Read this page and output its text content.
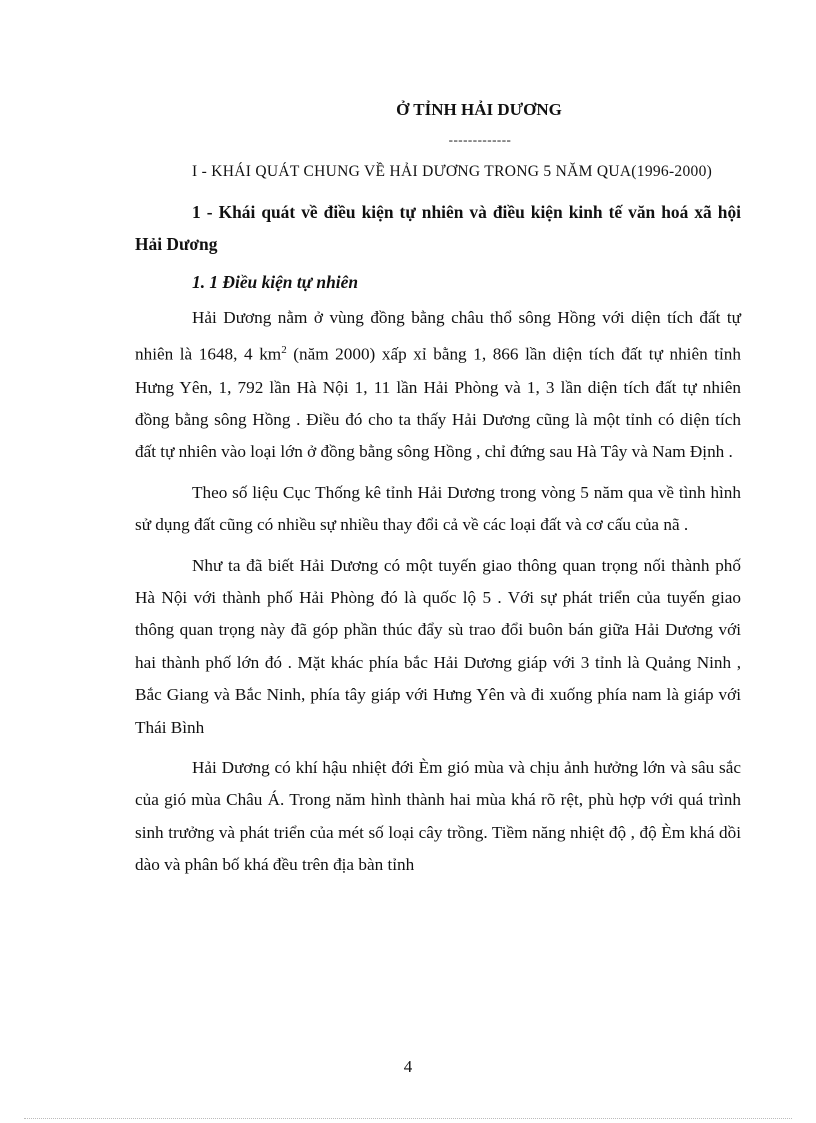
Ở TỈNH HẢI DƯƠNG
-------------
I - KHÁI QUÁT CHUNG VỀ HẢI DƯƠNG TRONG 5 NĂM QUA(1996-2000)
1 - Khái quát về điều kiện tự nhiên và điều kiện kinh tế văn hoá xã hội Hải Dương
1. 1 Điều kiện tự nhiên

Hải Dương nằm ở vùng đồng bằng châu thổ sông Hồng với diện tích đất tự nhiên là 1648, 4 $km^2$ (năm 2000) xấp xỉ bằng 1, 866 lần diện tích đất tự nhiên tỉnh Hưng Yên, 1, 792 lần Hà Nội 1, 11 lần Hải Phòng và 1, 3 lần diện tích đất tự nhiên đồng bằng sông Hồng . Điều đó cho ta thấy Hải Dương cũng là một tỉnh có diện tích đất tự nhiên vào loại lớn ở đồng bằng sông Hồng , chỉ đứng sau Hà Tây và Nam Định .

Theo số liệu Cục Thống kê tỉnh Hải Dương trong vòng 5 năm qua về tình hình sử dụng đất cũng có nhiều sự nhiều thay đổi cả về các loại đất và cơ cấu của nã .

Như ta đã biết Hải Dương có một tuyến giao thông quan trọng nối thành phố Hà Nội với thành phố Hải Phòng đó là quốc lộ 5 . Với sự phát triển của tuyến giao thông quan trọng này đã góp phần thúc đẩy sù trao đổi buôn bán giữa Hải Dương với hai thành phố lớn đó . Mặt khác phía bắc Hải Dương giáp với 3 tỉnh là Quảng Ninh , Bắc Giang và Bắc Ninh, phía tây giáp với Hưng Yên và đi xuống phía nam là giáp với Thái Bình

Hải Dương có khí hậu nhiệt đới Èm gió mùa và chịu ảnh hưởng lớn và sâu sắc của gió mùa Châu Á. Trong năm hình thành hai mùa khá rõ rệt, phù hợp với quá trình sinh trưởng và phát triển của mét số loại cây trồng. Tiềm năng nhiệt độ , độ Èm khá dồi dào và phân bố khá đều trên địa bàn tỉnh

4
